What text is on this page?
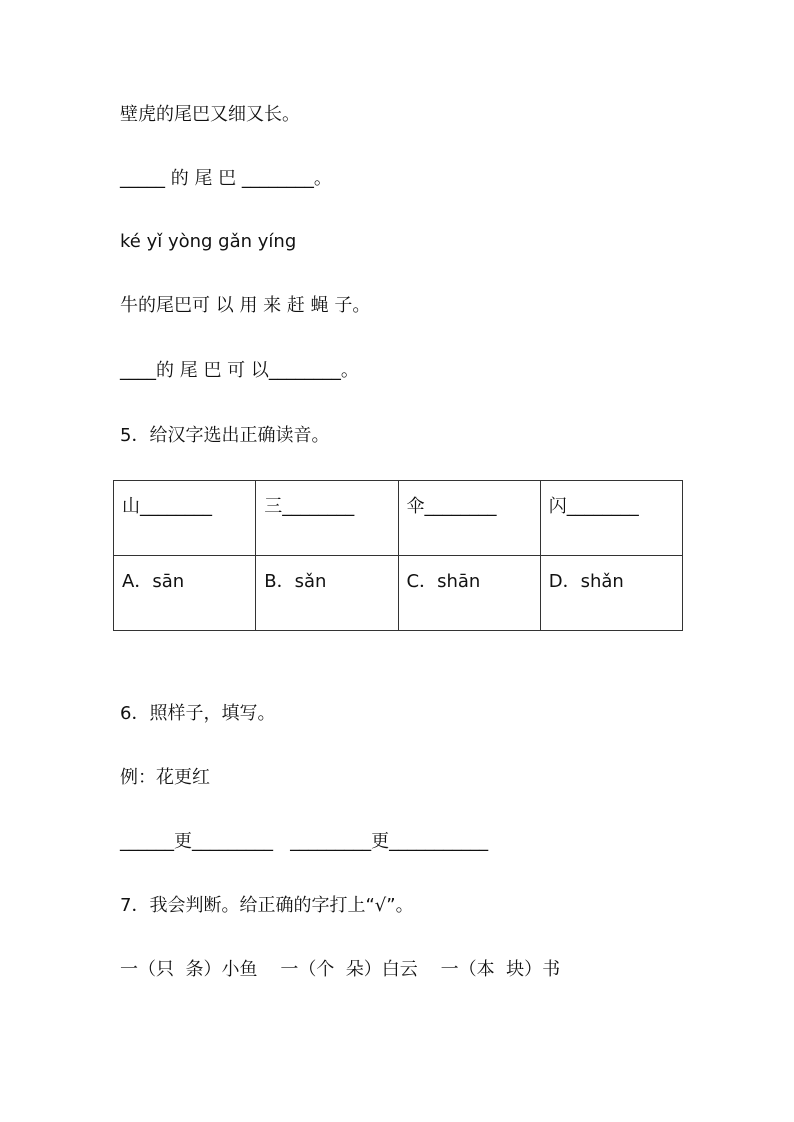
壁虎的尾巴又细又长。
_____ 的 尾 巴 ________。
ké yǐ yòng gǎn yíng
牛的尾巴可 以 用 来 赶 蝇 子。
____的 尾 巴 可 以________。
5．给汉字选出正确读音。
山________	三________	伞________	闪________
A．sān	B．sǎn	C．shān	D．shǎn
6．照样子，填写。
例：花更红
______更_________   _________更___________
7．我会判断。给正确的字打上“√”。
一（只  条）小鱼    一（个  朵）白云    一（本  块）书
